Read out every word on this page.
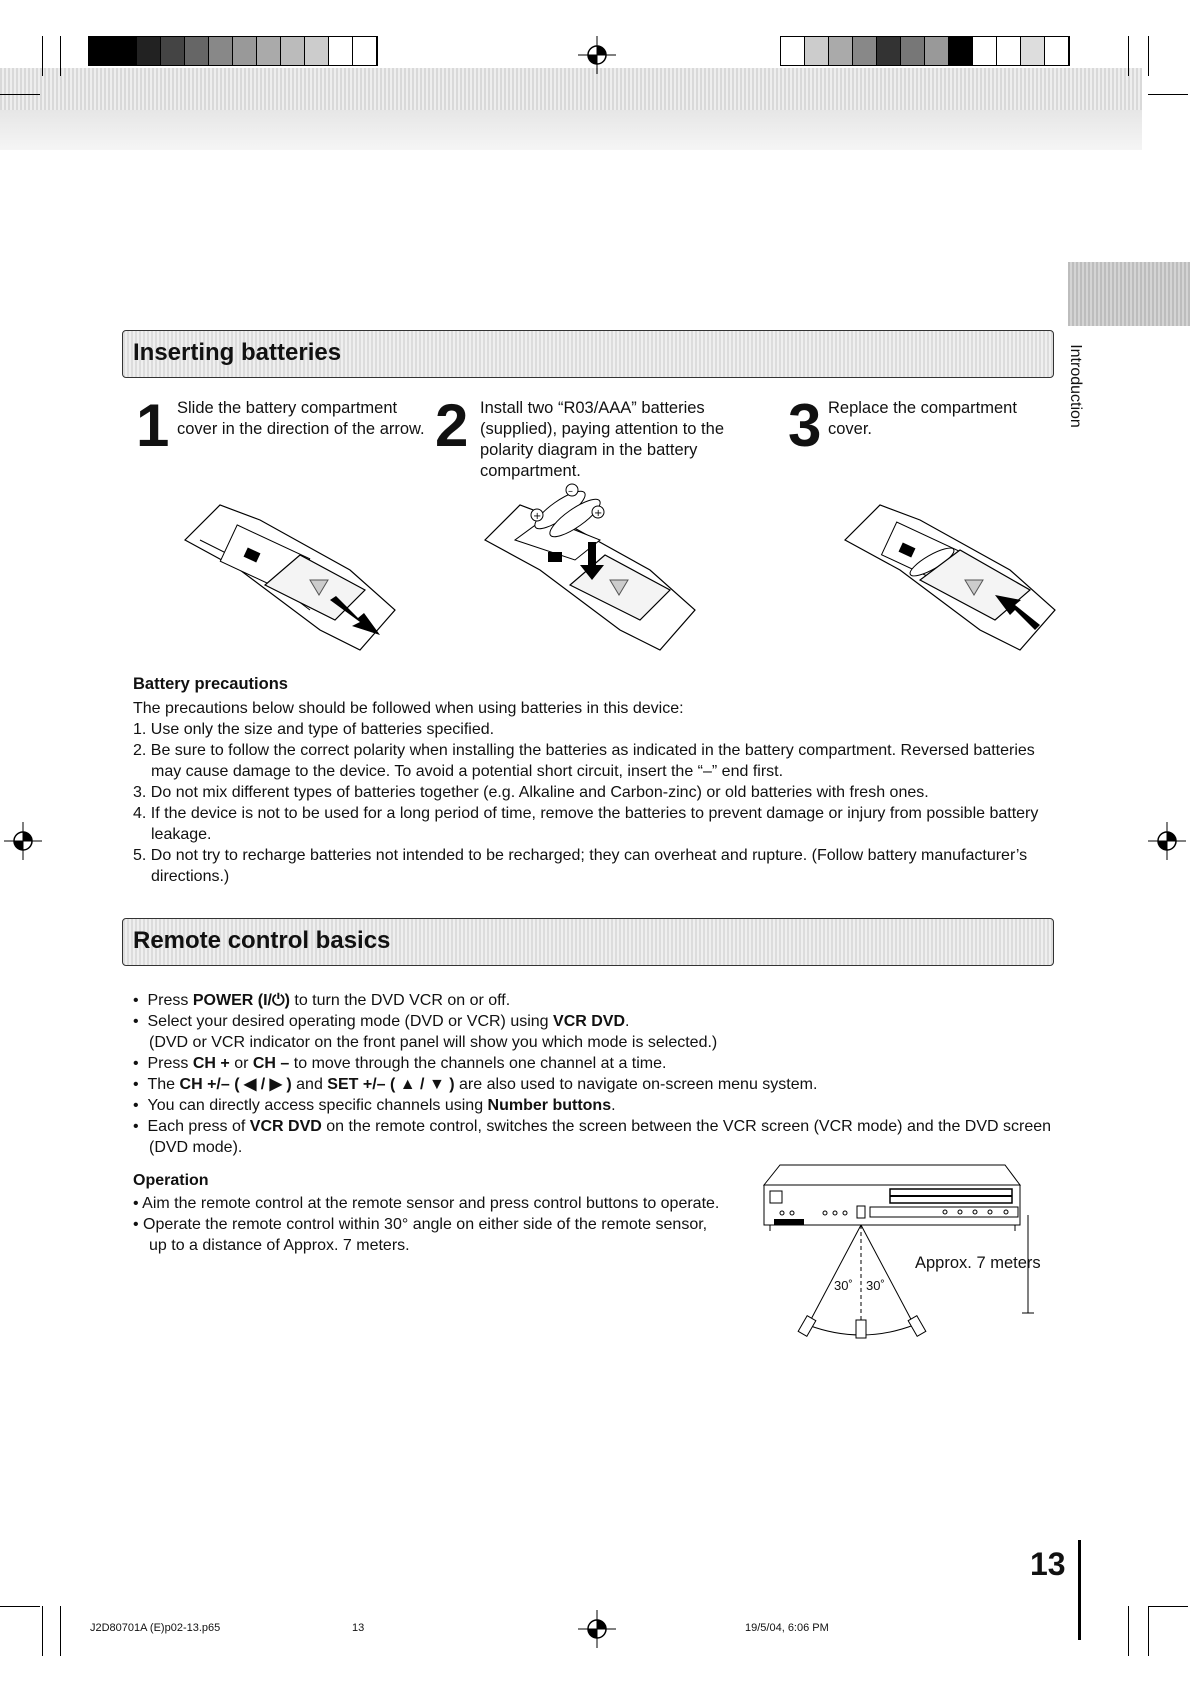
Introduction
Inserting batteries
1 Slide the battery compartment cover in the direction of the arrow. 2 Install two “R03/AAA” batteries (supplied), paying attention to the polarity diagram in the battery compartment.
3 Replace the compartment cover.
+	+
–
Battery precautions
The precautions below should be followed when using batteries in this device:
1. Use only the size and type of batteries specified.
2. Be sure to follow the correct polarity when installing the batteries as indicated in the battery compartment. Reversed batteries may cause damage to the device. To avoid a potential short circuit, insert the “–” end first.
3. Do not mix different types of batteries together (e.g. Alkaline and Carbon-zinc) or old batteries with fresh ones.
4. If the device is not to be used for a long period of time, remove the batteries to prevent damage or injury from possible battery leakage.
5. Do not try to recharge batteries not intended to be recharged; they can overheat and rupture. (Follow battery manufacturer’s directions.)
Remote control basics
•  Press POWER (I/⏻) to turn the DVD VCR on or off.
•  Select your desired operating mode (DVD or VCR) using VCR DVD.
(DVD or VCR indicator on the front panel will show you which mode is selected.)
•  Press CH + or CH – to move through the channels one channel at a time.
•  The CH +/– ( ◀ / ▶ ) and SET +/– ( ▲ / ▼ ) are also used to navigate on-screen menu system.
•  You can directly access specific channels using Number buttons.
•  Each press of VCR DVD on the remote control, switches the screen between the VCR screen (VCR mode) and the DVD screen (DVD mode).
Operation
• Aim the remote control at the remote sensor and press control buttons to operate.
• Operate the remote control within 30° angle on either side of the remote sensor, up to a distance of Approx. 7 meters.
Approx. 7 meters
30˚ 30˚
13
J2D80701A (E)p02-13.p65	13	19/5/04, 6:06 PM
